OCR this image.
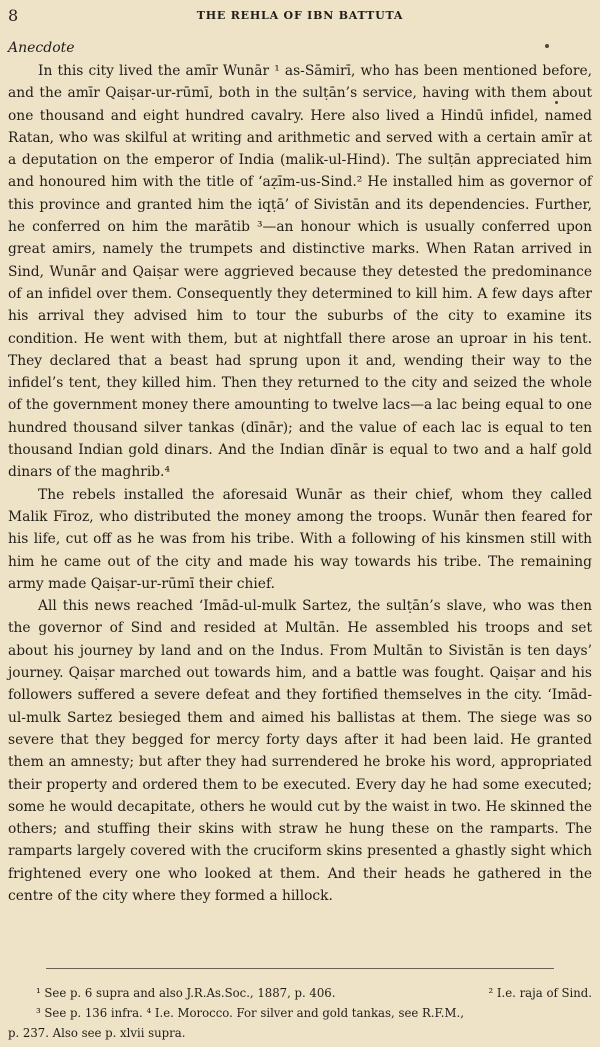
8	THE REHLA OF IBN BATTUTA
Anecdote

In this city lived the amīr Wunār ¹ as-Sāmirī, who has been mentioned before, and the amīr Qaiṣar-ur-rūmī, both in the sulṭān’s service, having with them about one thousand and eight hundred cavalry. Here also lived a Hindū infidel, named Ratan, who was skilful at writing and arithmetic and served with a certain amīr at a deputation on the emperor of India (malik-ul-Hind). The sulṭān appreciated him and honoured him with the title of ‘aẓīm-us-Sind.² He installed him as governor of this province and granted him the iqṭā’ of Sivistān and its dependencies. Further, he conferred on him the marātib ³—an honour which is usually conferred upon great amirs, namely the trumpets and distinctive marks. When Ratan arrived in Sind, Wunār and Qaiṣar were aggrieved because they detested the predominance of an infidel over them. Consequently they determined to kill him. A few days after his arrival they advised him to tour the suburbs of the city to examine its condition. He went with them, but at nightfall there arose an uproar in his tent. They declared that a beast had sprung upon it and, wending their way to the infidel’s tent, they killed him. Then they returned to the city and seized the whole of the government money there amounting to twelve lacs—a lac being equal to one hundred thousand silver tankas (dīnār); and the value of each lac is equal to ten thousand Indian gold dinars. And the Indian dīnār is equal to two and a half gold dinars of the maghrib.⁴

The rebels installed the aforesaid Wunār as their chief, whom they called Malik Fīroz, who distributed the money among the troops. Wunār then feared for his life, cut off as he was from his tribe. With a following of his kinsmen still with him he came out of the city and made his way towards his tribe. The remaining army made Qaiṣar-ur-rūmī their chief.

All this news reached ‘Imād-ul-mulk Sartez, the sulṭān’s slave, who was then the governor of Sind and resided at Multān. He assembled his troops and set about his journey by land and on the Indus. From Multān to Sivistān is ten days’ journey. Qaiṣar marched out towards him, and a battle was fought. Qaiṣar and his followers suffered a severe defeat and they fortified themselves in the city. ‘Imād-ul-mulk Sartez besieged them and aimed his ballistas at them. The siege was so severe that they begged for mercy forty days after it had been laid. He granted them an amnesty; but after they had surrendered he broke his word, appropriated their property and ordered them to be executed. Every day he had some executed; some he would decapitate, others he would cut by the waist in two. He skinned the others; and stuffing their skins with straw he hung these on the ramparts. The ramparts largely covered with the cruciform skins presented a ghastly sight which frightened every one who looked at them. And their heads he gathered in the centre of the city where they formed a hillock.

¹ See p. 6 supra and also J.R.As.Soc., 1887, p. 406.	² I.e. raja of Sind.
³ See p. 136 infra. ⁴ I.e. Morocco. For silver and gold tankas, see R.F.M.,
p. 237. Also see p. xlvii supra.
